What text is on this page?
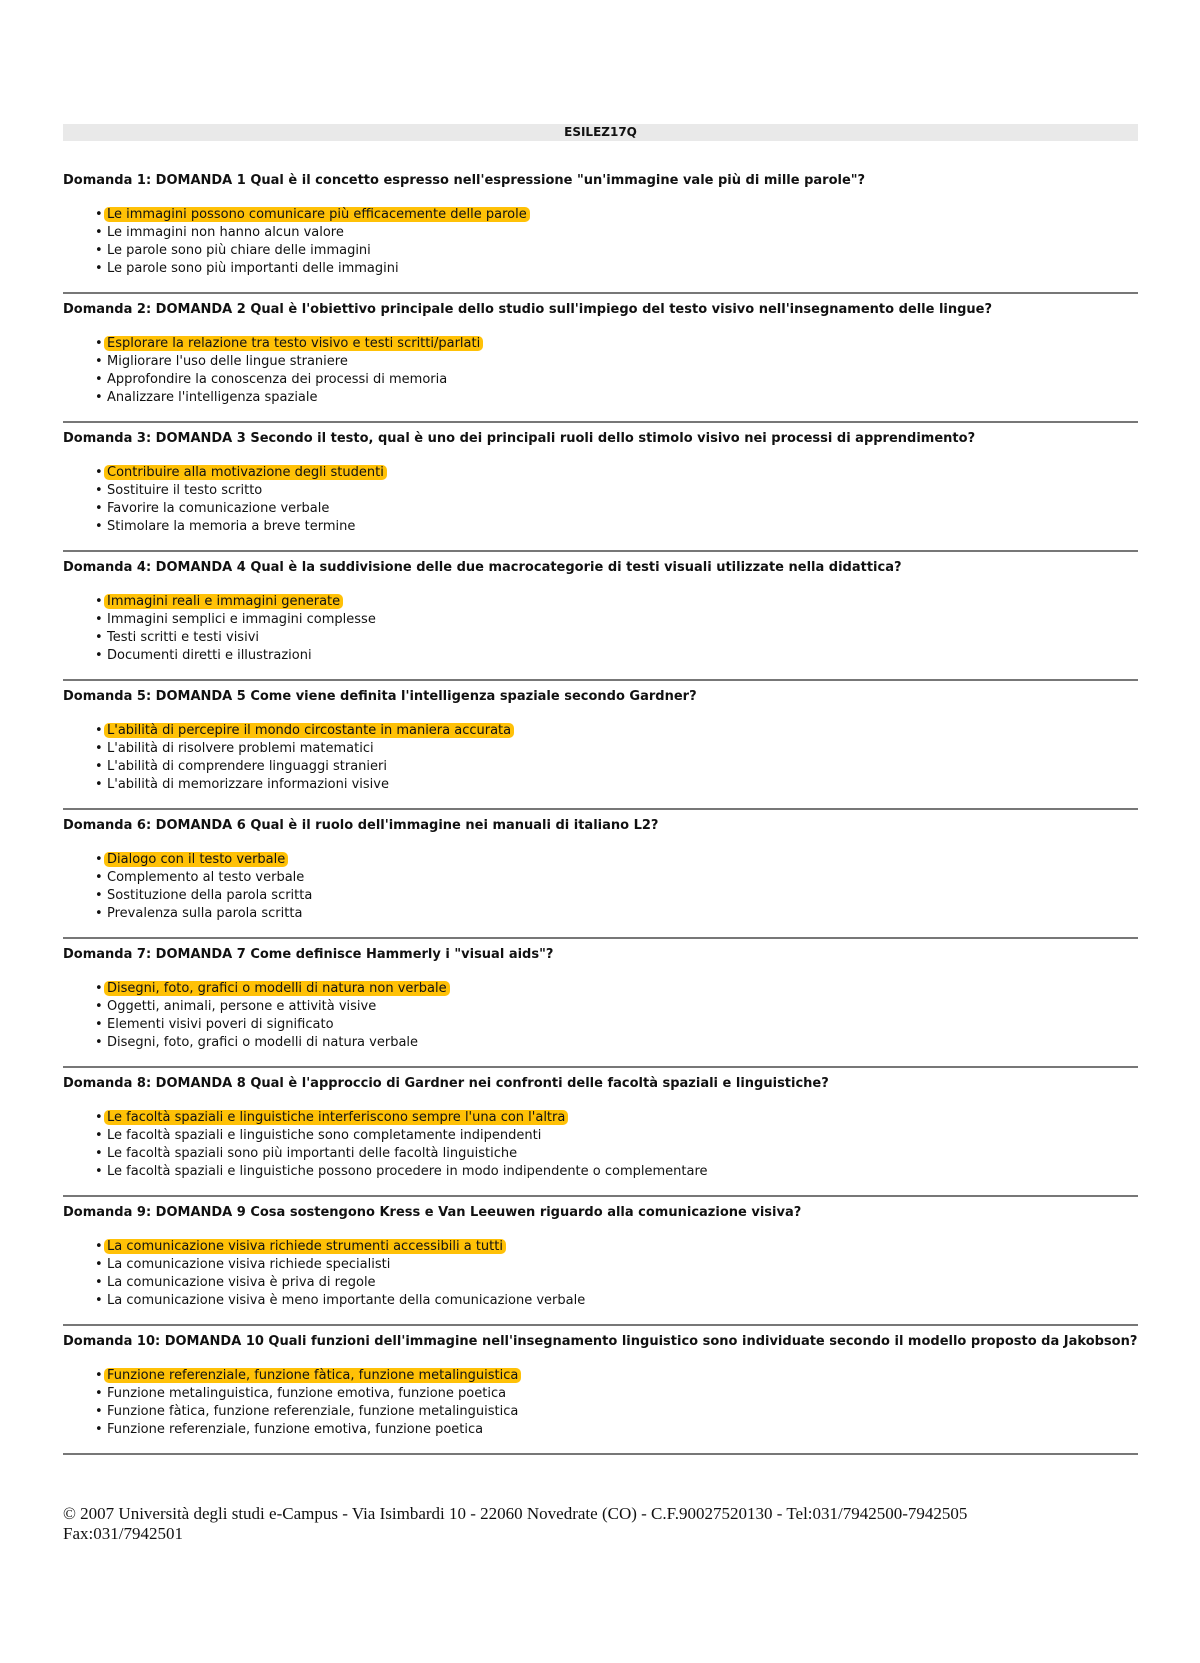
ESILEZ17Q
Domanda 1: DOMANDA 1 Qual è il concetto espresso nell'espressione "un'immagine vale più di mille parole"?
• Le immagini possono comunicare più efficacemente delle parole
• Le immagini non hanno alcun valore
• Le parole sono più chiare delle immagini
• Le parole sono più importanti delle immagini
Domanda 2: DOMANDA 2 Qual è l'obiettivo principale dello studio sull'impiego del testo visivo nell'insegnamento delle lingue?
• Esplorare la relazione tra testo visivo e testi scritti/parlati
• Migliorare l'uso delle lingue straniere
• Approfondire la conoscenza dei processi di memoria
• Analizzare l'intelligenza spaziale
Domanda 3: DOMANDA 3 Secondo il testo, qual è uno dei principali ruoli dello stimolo visivo nei processi di apprendimento?
• Contribuire alla motivazione degli studenti
• Sostituire il testo scritto
• Favorire la comunicazione verbale
• Stimolare la memoria a breve termine
Domanda 4: DOMANDA 4 Qual è la suddivisione delle due macrocategorie di testi visuali utilizzate nella didattica?
• Immagini reali e immagini generate
• Immagini semplici e immagini complesse
• Testi scritti e testi visivi
• Documenti diretti e illustrazioni
Domanda 5: DOMANDA 5 Come viene definita l'intelligenza spaziale secondo Gardner?
• L'abilità di percepire il mondo circostante in maniera accurata
• L'abilità di risolvere problemi matematici
• L'abilità di comprendere linguaggi stranieri
• L'abilità di memorizzare informazioni visive
Domanda 6: DOMANDA 6 Qual è il ruolo dell'immagine nei manuali di italiano L2?
• Dialogo con il testo verbale
• Complemento al testo verbale
• Sostituzione della parola scritta
• Prevalenza sulla parola scritta
Domanda 7: DOMANDA 7 Come definisce Hammerly i "visual aids"?
• Disegni, foto, grafici o modelli di natura non verbale
• Oggetti, animali, persone e attività visive
• Elementi visivi poveri di significato
• Disegni, foto, grafici o modelli di natura verbale
Domanda 8: DOMANDA 8 Qual è l'approccio di Gardner nei confronti delle facoltà spaziali e linguistiche?
• Le facoltà spaziali e linguistiche interferiscono sempre l'una con l'altra
• Le facoltà spaziali e linguistiche sono completamente indipendenti
• Le facoltà spaziali sono più importanti delle facoltà linguistiche
• Le facoltà spaziali e linguistiche possono procedere in modo indipendente o complementare
Domanda 9: DOMANDA 9 Cosa sostengono Kress e Van Leeuwen riguardo alla comunicazione visiva?
• La comunicazione visiva richiede strumenti accessibili a tutti
• La comunicazione visiva richiede specialisti
• La comunicazione visiva è priva di regole
• La comunicazione visiva è meno importante della comunicazione verbale
Domanda 10: DOMANDA 10 Quali funzioni dell'immagine nell'insegnamento linguistico sono individuate secondo il modello proposto da Jakobson?
• Funzione referenziale, funzione fàtica, funzione metalinguistica
• Funzione metalinguistica, funzione emotiva, funzione poetica
• Funzione fàtica, funzione referenziale, funzione metalinguistica
• Funzione referenziale, funzione emotiva, funzione poetica
© 2007 Università degli studi e-Campus - Via Isimbardi 10 - 22060 Novedrate (CO) - C.F.90027520130 - Tel:031/7942500-7942505
Fax:031/7942501
